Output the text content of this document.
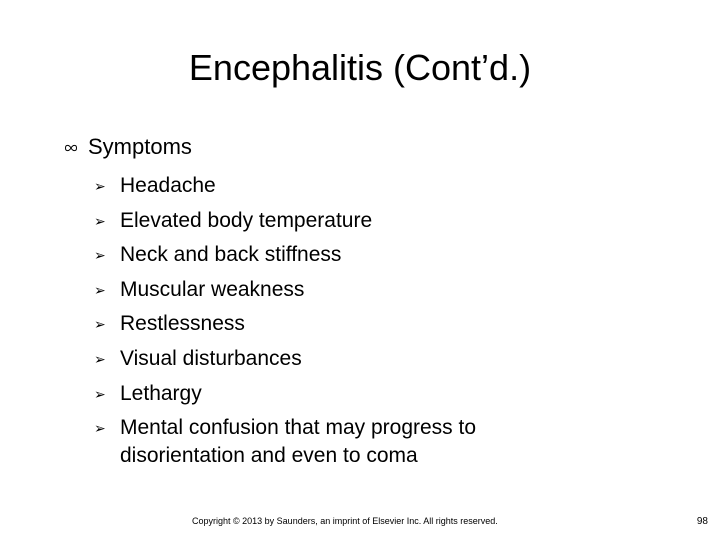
Encephalitis (Cont’d.)
Symptoms
➢ Headache
➢ Elevated body temperature
➢ Neck and back stiffness
➢ Muscular weakness
➢ Restlessness
➢ Visual disturbances
➢ Lethargy
➢ Mental confusion that may progress to disorientation and even to coma
Copyright © 2013 by Saunders, an imprint of Elsevier Inc. All rights reserved.	98
